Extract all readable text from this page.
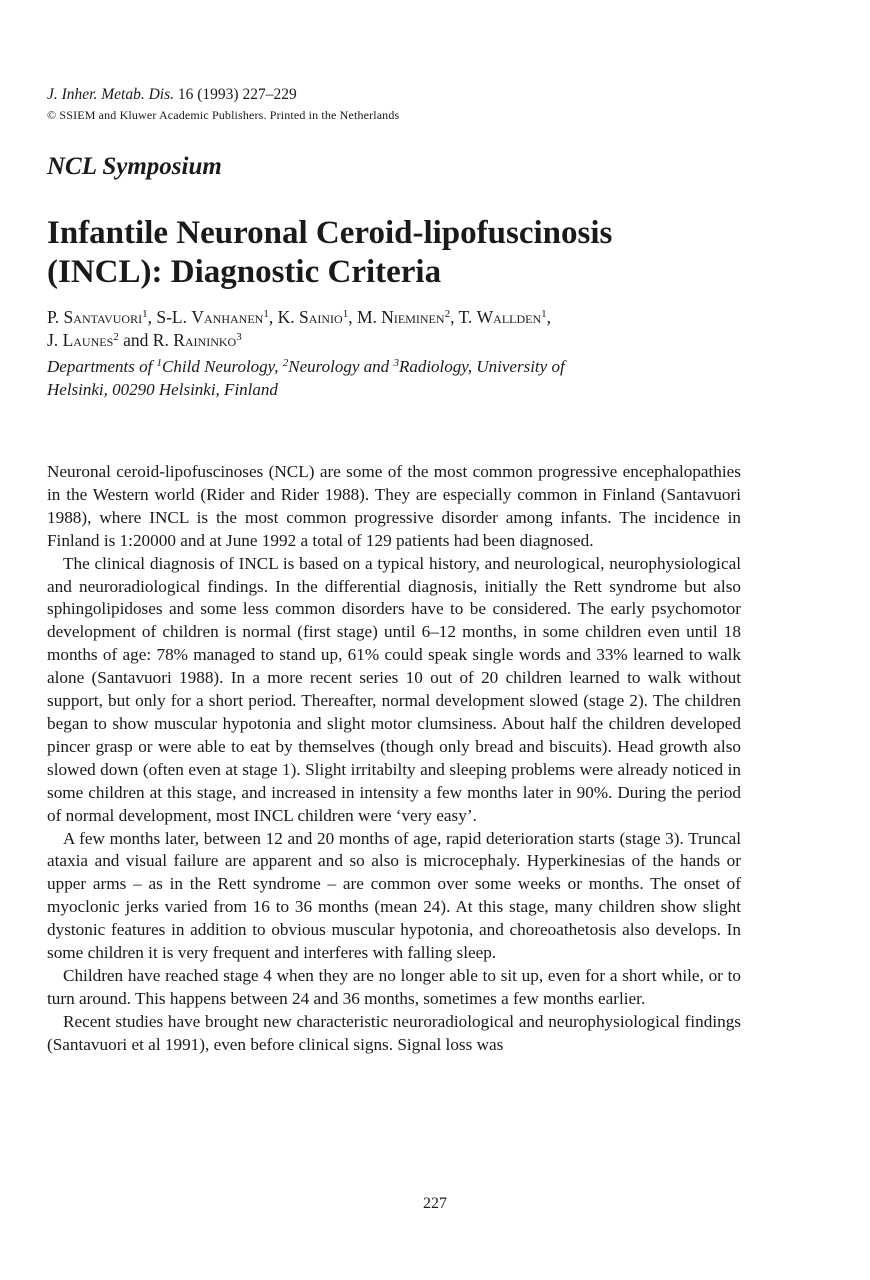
J. Inher. Metab. Dis. 16 (1993) 227–229
© SSIEM and Kluwer Academic Publishers. Printed in the Netherlands
NCL Symposium
Infantile Neuronal Ceroid-lipofuscinosis
(INCL): Diagnostic Criteria
P. Santavuori$^1$, S-L. Vanhanen$^1$, K. Sainio$^1$, M. Nieminen$^2$, T. Wallden$^1$,
J. Launes$^2$ and R. Raininko$^3$
Departments of $^1$Child Neurology, $^2$Neurology and $^3$Radiology, University of
Helsinki, 00290 Helsinki, Finland

Neuronal ceroid-lipofuscinoses (NCL) are some of the most common progressive encephalopathies in the Western world (Rider and Rider 1988). They are especially common in Finland (Santavuori 1988), where INCL is the most common progressive disorder among infants. The incidence in Finland is 1:20000 and at June 1992 a total of 129 patients had been diagnosed.

The clinical diagnosis of INCL is based on a typical history, and neurological, neurophysiological and neuroradiological findings. In the differential diagnosis, initially the Rett syndrome but also sphingolipidoses and some less common disorders have to be considered. The early psychomotor development of children is normal (first stage) until 6–12 months, in some children even until 18 months of age: 78% managed to stand up, 61% could speak single words and 33% learned to walk alone (Santavuori 1988). In a more recent series 10 out of 20 children learned to walk without support, but only for a short period. Thereafter, normal development slowed (stage 2). The children began to show muscular hypotonia and slight motor clumsiness. About half the children developed pincer grasp or were able to eat by themselves (though only bread and biscuits). Head growth also slowed down (often even at stage 1). Slight irritabilty and sleeping problems were already noticed in some children at this stage, and increased in intensity a few months later in 90%. During the period of normal development, most INCL children were ‘very easy’.

A few months later, between 12 and 20 months of age, rapid deterioration starts (stage 3). Truncal ataxia and visual failure are apparent and so also is microcephaly. Hyperkinesias of the hands or upper arms – as in the Rett syndrome – are common over some weeks or months. The onset of myoclonic jerks varied from 16 to 36 months (mean 24). At this stage, many children show slight dystonic features in addition to obvious muscular hypotonia, and choreoathetosis also develops. In some children it is very frequent and interferes with falling sleep.

Children have reached stage 4 when they are no longer able to sit up, even for a short while, or to turn around. This happens between 24 and 36 months, sometimes a few months earlier.

Recent studies have brought new characteristic neuroradiological and neurophysiological findings (Santavuori et al 1991), even before clinical signs. Signal loss was

227
